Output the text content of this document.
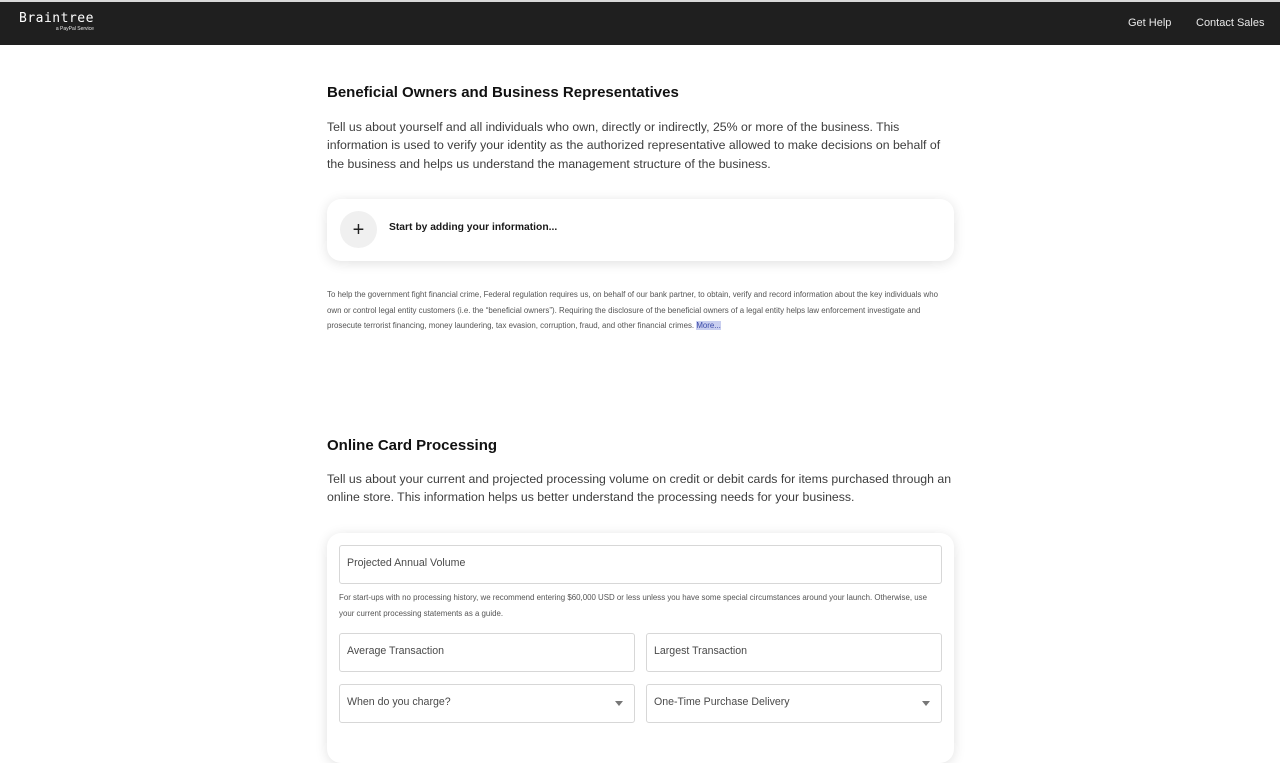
Braintree
a PayPal Service	Get Help Contact Sales
Beneficial Owners and Business Representatives

Tell us about yourself and all individuals who own, directly or indirectly, 25% or more of the business. This information is used to verify your identity as the authorized representative allowed to make decisions on behalf of the business and helps us understand the management structure of the business.

+	Start by adding your information...

To help the government fight financial crime, Federal regulation requires us, on behalf of our bank partner, to obtain, verify and record information about the key individuals who own or control legal entity customers (i.e. the “beneficial owners”). Requiring the disclosure of the beneficial owners of a legal entity helps law enforcement investigate and prosecute terrorist financing, money laundering, tax evasion, corruption, fraud, and other financial crimes. More...

Online Card Processing

Tell us about your current and projected processing volume on credit or debit cards for items purchased through an online store. This information helps us better understand the processing needs for your business.

Projected Annual Volume

For start-ups with no processing history, we recommend entering $60,000 USD or less unless you have some special circumstances around your launch. Otherwise, use your current processing statements as a guide.

Average Transaction	Largest Transaction
When do you charge?	One-Time Purchase Delivery
